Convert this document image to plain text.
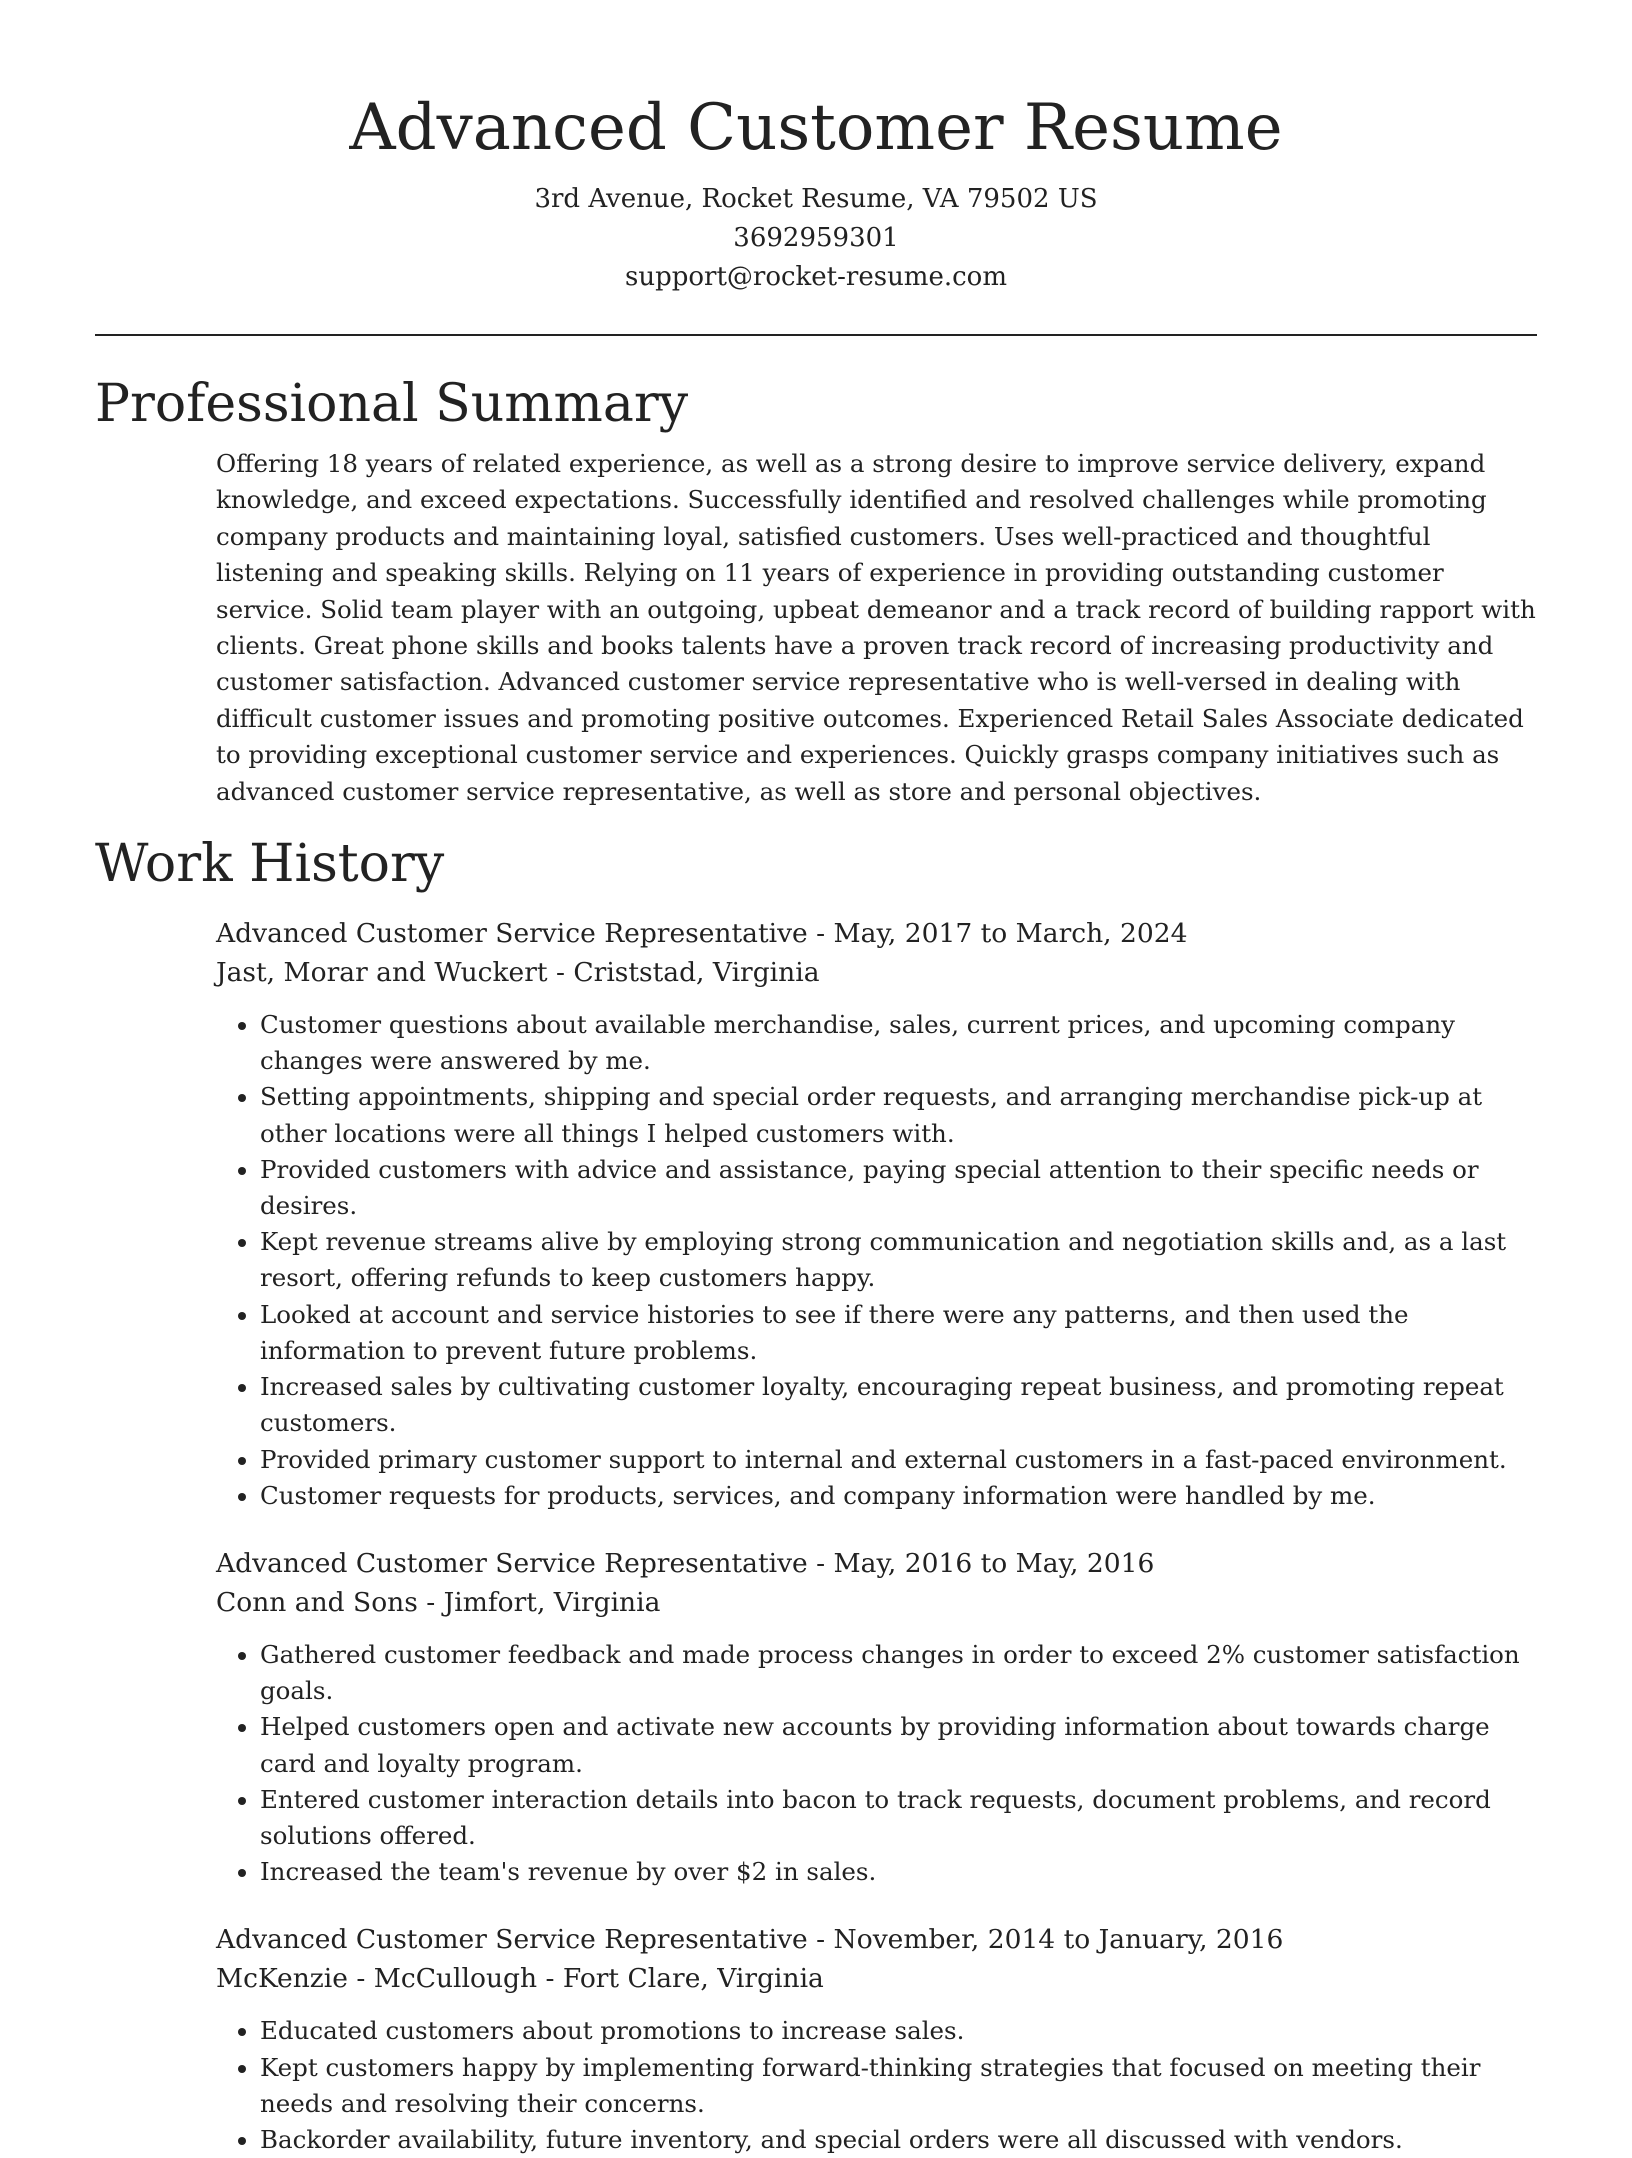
Advanced Customer Resume
3rd Avenue, Rocket Resume, VA 79502 US
3692959301
support@rocket-resume.com
Professional Summary

Offering 18 years of related experience, as well as a strong desire to improve service delivery, expand knowledge, and exceed expectations. Successfully identified and resolved challenges while promoting company products and maintaining loyal, satisfied customers. Uses well-practiced and thoughtful listening and speaking skills. Relying on 11 years of experience in providing outstanding customer service. Solid team player with an outgoing, upbeat demeanor and a track record of building rapport with clients. Great phone skills and books talents have a proven track record of increasing productivity and customer satisfaction. Advanced customer service representative who is well-versed in dealing with difficult customer issues and promoting positive outcomes. Experienced Retail Sales Associate dedicated to providing exceptional customer service and experiences. Quickly grasps company initiatives such as advanced customer service representative, as well as store and personal objectives.

Work History
Advanced Customer Service Representative - May, 2017 to March, 2024
Jast, Morar and Wuckert - Criststad, Virginia
• Customer questions about available merchandise, sales, current prices, and upcoming company changes were answered by me.
• Setting appointments, shipping and special order requests, and arranging merchandise pick-up at other locations were all things I helped customers with.
• Provided customers with advice and assistance, paying special attention to their specific needs or desires.
• Kept revenue streams alive by employing strong communication and negotiation skills and, as a last resort, offering refunds to keep customers happy.
• Looked at account and service histories to see if there were any patterns, and then used the information to prevent future problems.
• Increased sales by cultivating customer loyalty, encouraging repeat business, and promoting repeat customers.
• Provided primary customer support to internal and external customers in a fast-paced environment.
• Customer requests for products, services, and company information were handled by me.
Advanced Customer Service Representative - May, 2016 to May, 2016
Conn and Sons - Jimfort, Virginia
• Gathered customer feedback and made process changes in order to exceed 2% customer satisfaction goals.
• Helped customers open and activate new accounts by providing information about towards charge card and loyalty program.
• Entered customer interaction details into bacon to track requests, document problems, and record solutions offered.
• Increased the team's revenue by over $2 in sales.
Advanced Customer Service Representative - November, 2014 to January, 2016
McKenzie - McCullough - Fort Clare, Virginia
• Educated customers about promotions to increase sales.
• Kept customers happy by implementing forward-thinking strategies that focused on meeting their needs and resolving their concerns.
• Backorder availability, future inventory, and special orders were all discussed with vendors.
